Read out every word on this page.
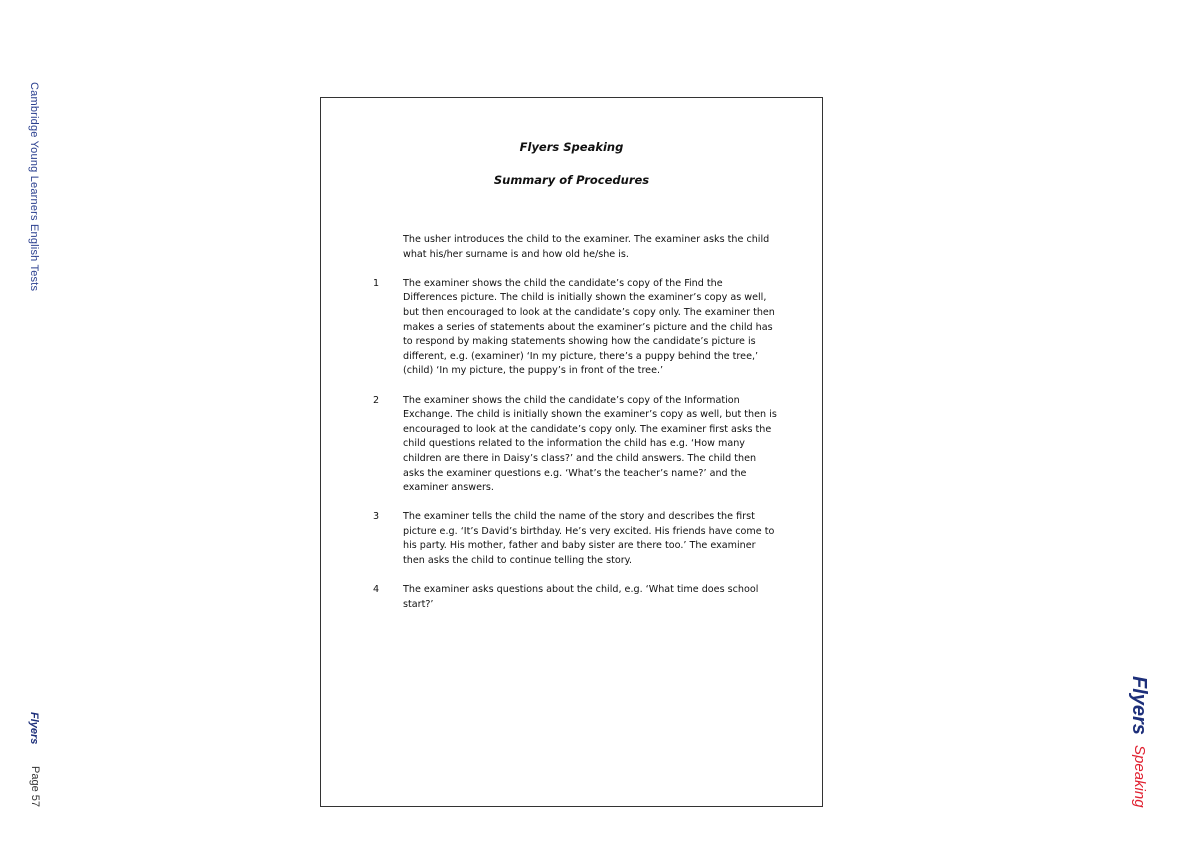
Cambridge Young Learners English Tests
Flyers
Page 57
Flyers Speaking
Flyers Speaking
Summary of Procedures
The usher introduces the child to the examiner. The examiner asks the child what his/her surname is and how old he/she is.
1	The examiner shows the child the candidate’s copy of the Find the Differences picture. The child is initially shown the examiner’s copy as well, but then encouraged to look at the candidate’s copy only. The examiner then makes a series of statements about the examiner’s picture and the child has to respond by making statements showing how the candidate’s picture is different, e.g. (examiner) ‘In my picture, there’s a puppy behind the tree,’ (child) ‘In my picture, the puppy’s in front of the tree.’
2	The examiner shows the child the candidate’s copy of the Information Exchange. The child is initially shown the examiner’s copy as well, but then is encouraged to look at the candidate’s copy only. The examiner first asks the child questions related to the information the child has e.g. ‘How many children are there in Daisy’s class?’ and the child answers. The child then asks the examiner questions e.g. ‘What’s the teacher’s name?’ and the examiner answers.
3	The examiner tells the child the name of the story and describes the first picture e.g. ‘It’s David’s birthday. He’s very excited. His friends have come to his party. His mother, father and baby sister are there too.’ The examiner then asks the child to continue telling the story.
4	The examiner asks questions about the child, e.g. ‘What time does school start?’
